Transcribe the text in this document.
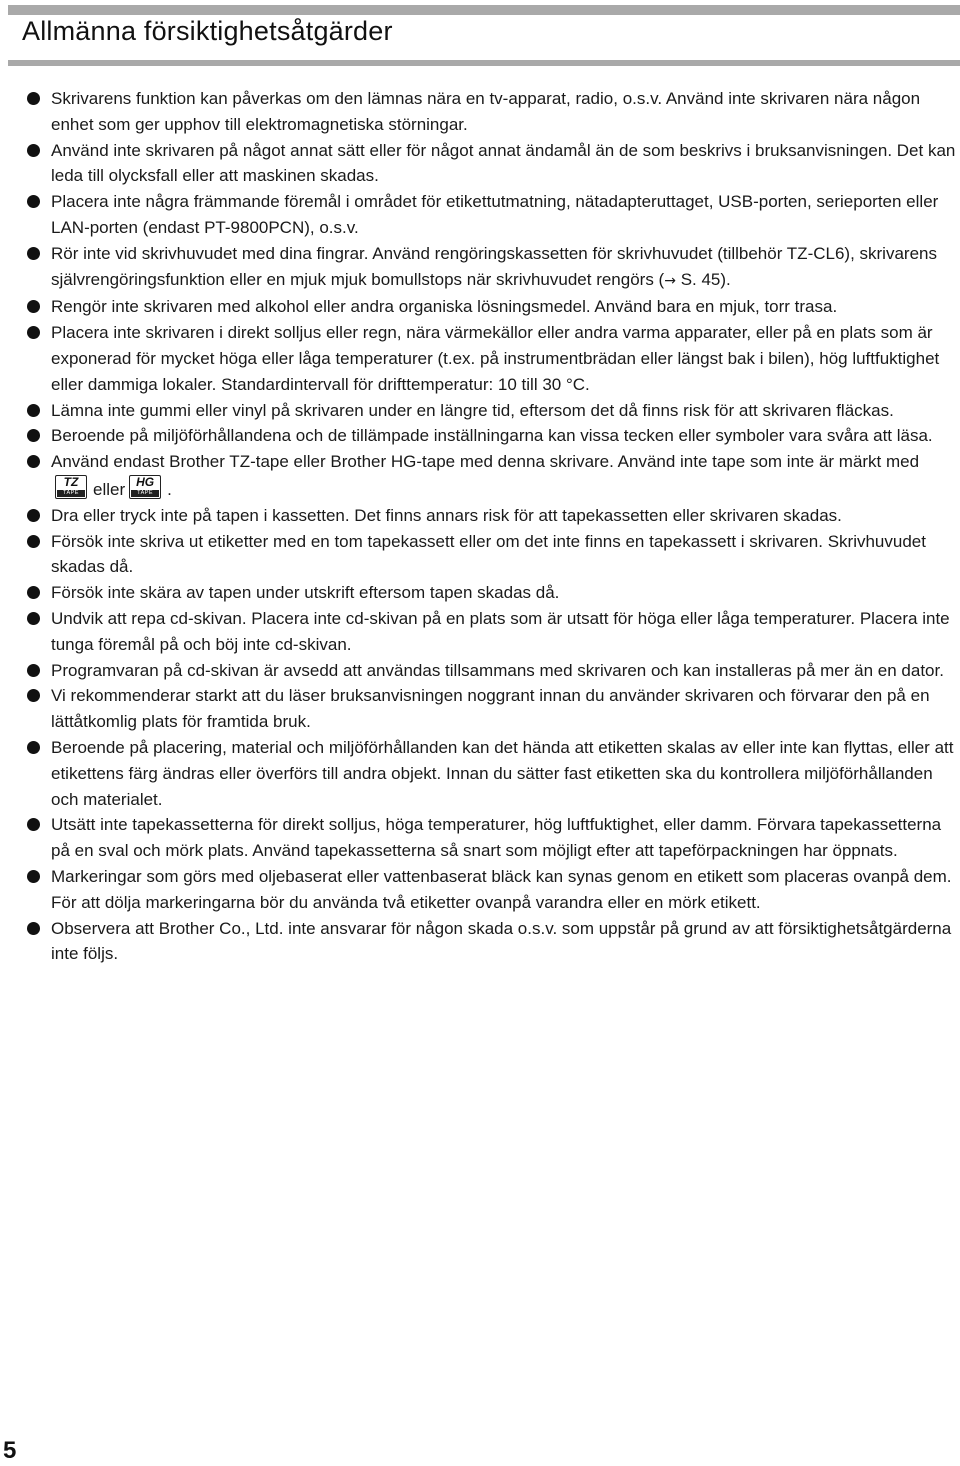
Allmänna försiktighetsåtgärder
Skrivarens funktion kan påverkas om den lämnas nära en tv-apparat, radio, o.s.v. Använd inte skrivaren nära någon enhet som ger upphov till elektromagnetiska störningar.
Använd inte skrivaren på något annat sätt eller för något annat ändamål än de som beskrivs i bruksanvisningen. Det kan leda till olycksfall eller att maskinen skadas.
Placera inte några främmande föremål i området för etikettutmatning, nätadapteruttaget, USB-porten, serieporten eller LAN-porten (endast PT-9800PCN), o.s.v.
Rör inte vid skrivhuvudet med dina fingrar. Använd rengöringskassetten för skrivhuvudet (tillbehör TZ-CL6), skrivarens självrengöringsfunktion eller en mjuk mjuk bomullstops när skrivhuvudet rengörs (→ S. 45).
Rengör inte skrivaren med alkohol eller andra organiska lösningsmedel. Använd bara en mjuk, torr trasa.
Placera inte skrivaren i direkt solljus eller regn, nära värmekällor eller andra varma apparater, eller på en plats som är exponerad för mycket höga eller låga temperaturer (t.ex. på instrumentbrädan eller längst bak i bilen), hög luftfuktighet eller dammiga lokaler. Standardintervall för drifttemperatur: 10 till 30 °C.
Lämna inte gummi eller vinyl på skrivaren under en längre tid, eftersom det då finns risk för att skrivaren fläckas.
Beroende på miljöförhållandena och de tillämpade inställningarna kan vissa tecken eller symboler vara svåra att läsa.
Använd endast Brother TZ-tape eller Brother HG-tape med denna skrivare. Använd inte tape som inte är märkt med
TZ
TAPE eller HG
TAPE .
Dra eller tryck inte på tapen i kassetten. Det finns annars risk för att tapekassetten eller skrivaren skadas.
Försök inte skriva ut etiketter med en tom tapekassett eller om det inte finns en tapekassett i skrivaren. Skrivhuvudet skadas då.
Försök inte skära av tapen under utskrift eftersom tapen skadas då.
Undvik att repa cd-skivan. Placera inte cd-skivan på en plats som är utsatt för höga eller låga temperaturer. Placera inte tunga föremål på och böj inte cd-skivan.
Programvaran på cd-skivan är avsedd att användas tillsammans med skrivaren och kan installeras på mer än en dator.
Vi rekommenderar starkt att du läser bruksanvisningen noggrant innan du använder skrivaren och förvarar den på en lättåtkomlig plats för framtida bruk.
Beroende på placering, material och miljöförhållanden kan det hända att etiketten skalas av eller inte kan flyttas, eller att etikettens färg ändras eller överförs till andra objekt. Innan du sätter fast etiketten ska du kontrollera miljöförhållanden och materialet.
Utsätt inte tapekassetterna för direkt solljus, höga temperaturer, hög luftfuktighet, eller damm. Förvara tapekassetterna på en sval och mörk plats. Använd tapekassetterna så snart som möjligt efter att tapeförpackningen har öppnats.
Markeringar som görs med oljebaserat eller vattenbaserat bläck kan synas genom en etikett som placeras ovanpå dem. För att dölja markeringarna bör du använda två etiketter ovanpå varandra eller en mörk etikett.
Observera att Brother Co., Ltd. inte ansvarar för någon skada o.s.v. som uppstår på grund av att försiktighetsåtgärderna inte följs.
5
